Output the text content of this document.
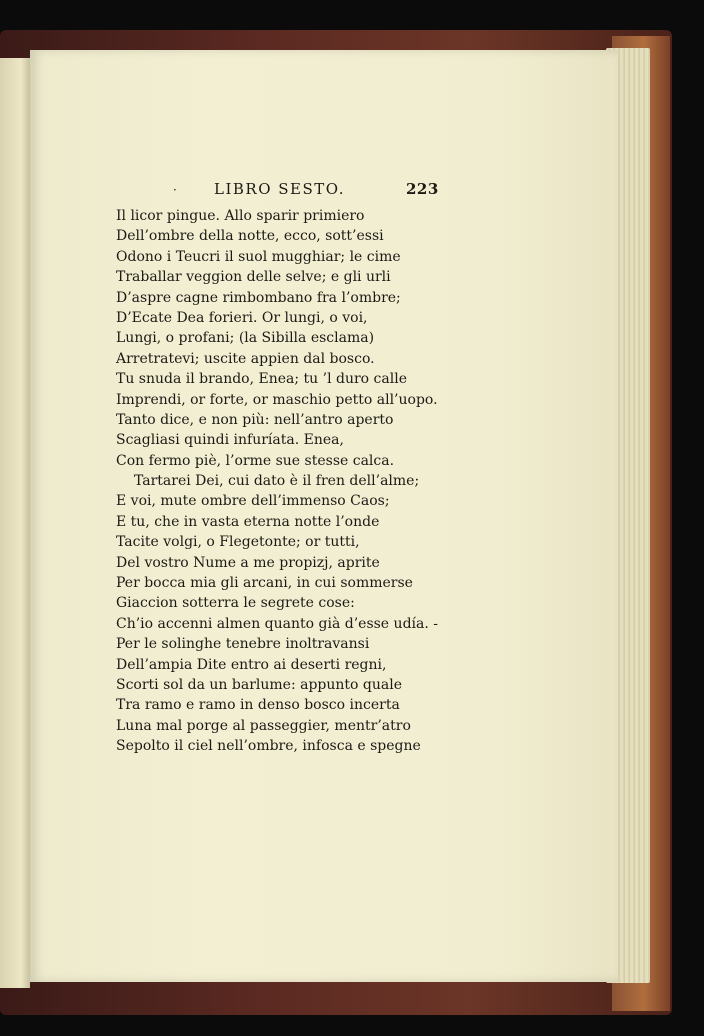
·	LIBRO SESTO.	223
Il licor pingue. Allo sparir primiero
Dell’ombre della notte, ecco, sott’essi
Odono i Teucri il suol mugghiar; le cime
Traballar veggion delle selve; e gli urli
D’aspre cagne rimbombano fra l’ombre;
D’Ecate Dea forieri. Or lungi, o voi,
Lungi, o profani; (la Sibilla esclama)
Arretratevi; uscite appien dal bosco.
Tu snuda il brando, Enea; tu ’l duro calle
Imprendi, or forte, or maschio petto all’uopo.
Tanto dice, e non più: nell’antro aperto
Scagliasi quindi infuríata. Enea,
Con fermo piè, l’orme sue stesse calca.
Tartarei Dei, cui dato è il fren dell’alme;
E voi, mute ombre dell’immenso Caos;
E tu, che in vasta eterna notte l’onde
Tacite volgi, o Flegetonte; or tutti,
Del vostro Nume a me propizj, aprite
Per bocca mia gli arcani, in cui sommerse
Giaccion sotterra le segrete cose:
Ch’io accenni almen quanto già d’esse udía. -
Per le solinghe tenebre inoltravansi
Dell’ampia Dite entro ai deserti regni,
Scorti sol da un barlume: appunto quale
Tra ramo e ramo in denso bosco incerta
Luna mal porge al passeggier, mentr’atro
Sepolto il ciel nell’ombre, infosca e spegne
